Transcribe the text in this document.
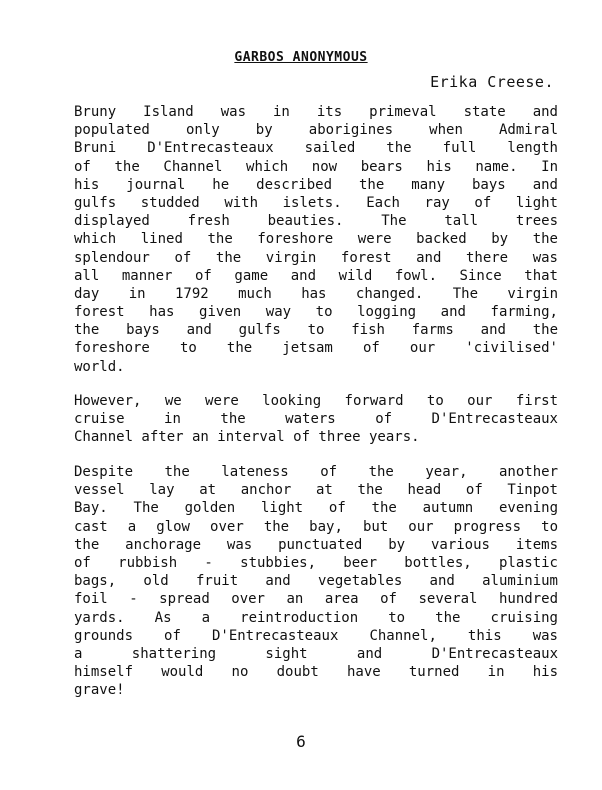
GARBOS ANONYMOUS

Erika Creese.

Bruny Island was in its primeval state and
populated only by aborigines when Admiral
Bruni D'Entrecasteaux sailed the full length
of the Channel which now bears his name. In
his journal he described the many bays and
gulfs studded with islets. Each ray of light
displayed fresh beauties. The tall trees
which lined the foreshore were backed by the
splendour of the virgin forest and there was
all manner of game and wild fowl. Since that
day in 1792 much has changed. The virgin
forest has given way to logging and farming,
the bays and gulfs to fish farms and the
foreshore to the jetsam of our 'civilised'
world.
However, we were looking forward to our first
cruise in the waters of D'Entrecasteaux
Channel after an interval of three years.
Despite the lateness of the year, another
vessel lay at anchor at the head of Tinpot
Bay. The golden light of the autumn evening
cast a glow over the bay, but our progress to
the anchorage was punctuated by various items
of rubbish - stubbies, beer bottles, plastic
bags, old fruit and vegetables and aluminium
foil - spread over an area of several hundred
yards. As a reintroduction to the cruising
grounds of D'Entrecasteaux Channel, this was
a shattering sight and D'Entrecasteaux
himself would no doubt have turned in his
grave!

6
